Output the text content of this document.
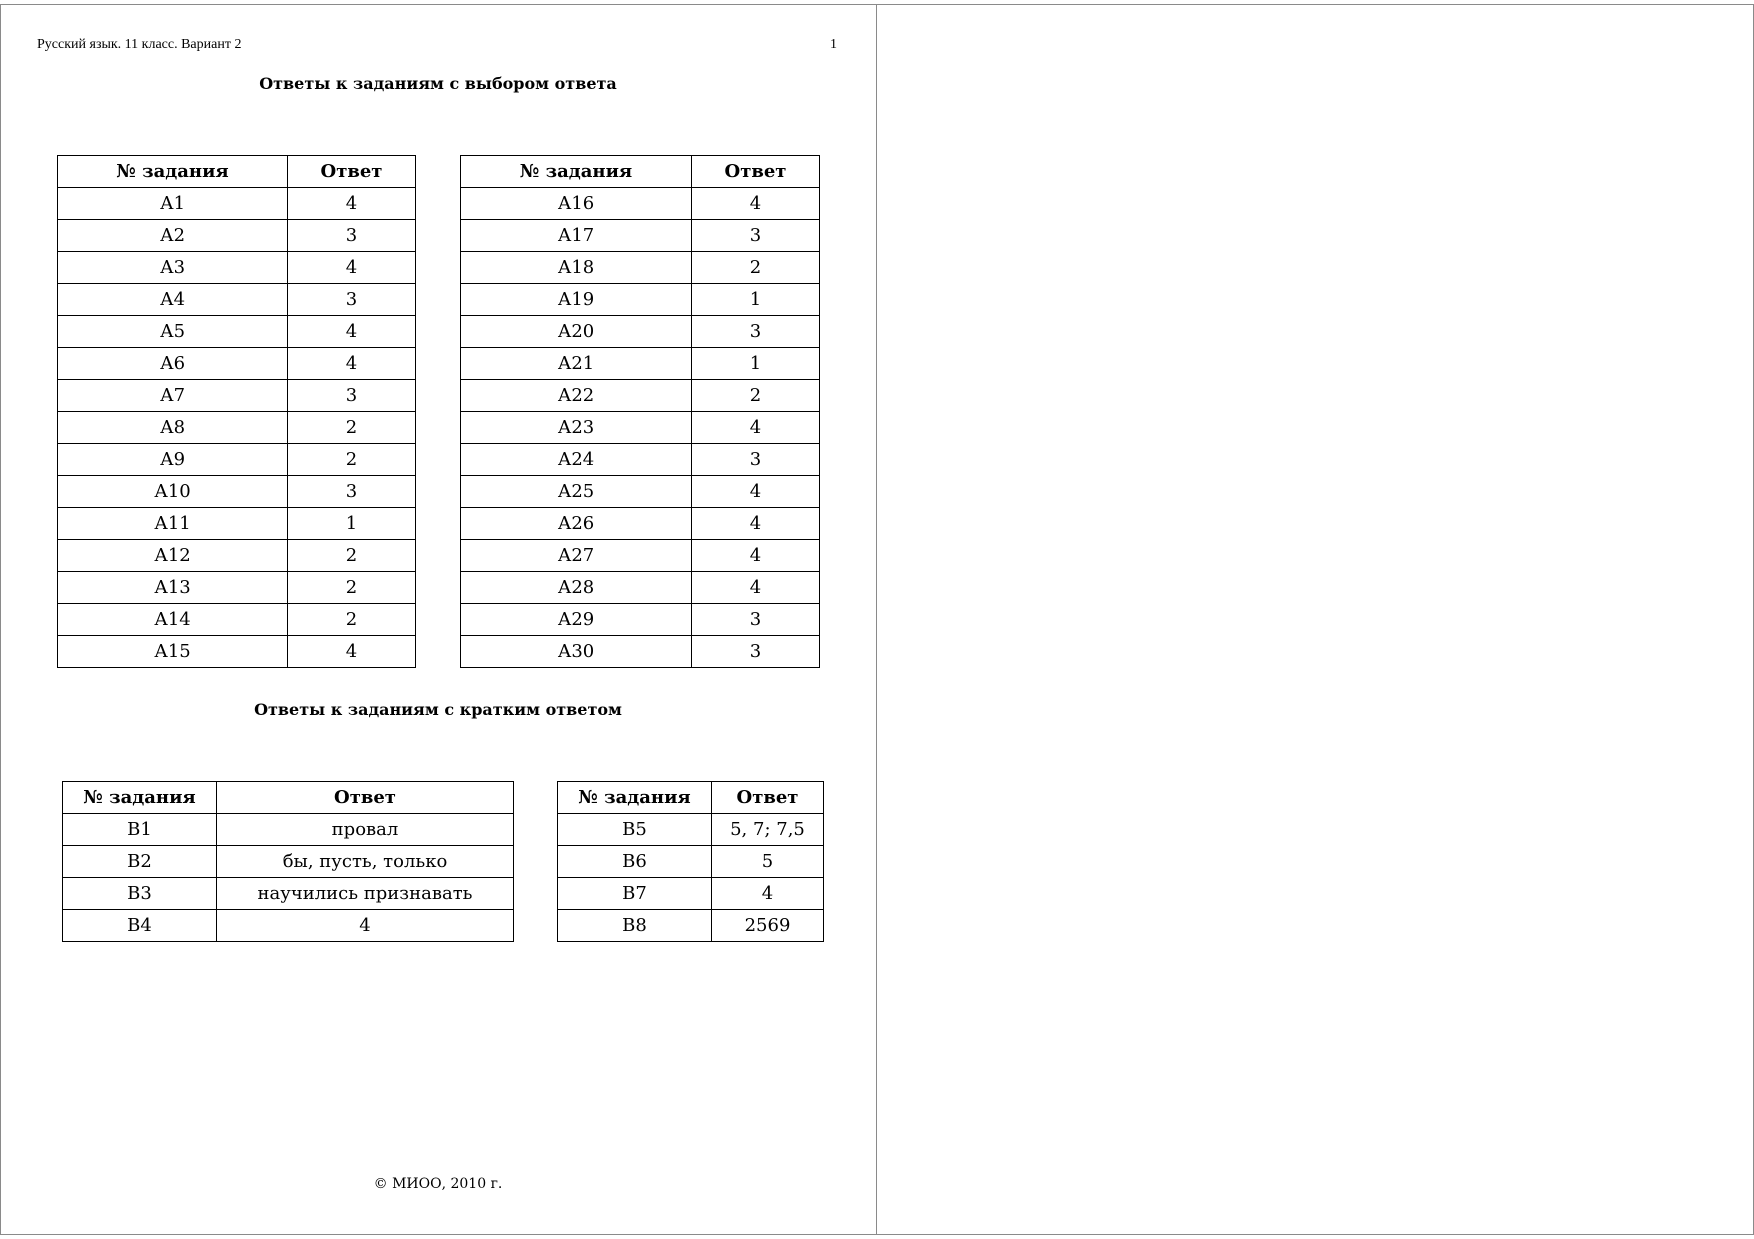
Русский язык. 11 класс. Вариант 2	1
Ответы к заданиям с выбором ответа
№ задания	Ответ
А1	4
А2	3
А3	4
А4	3
А5	4
А6	4
А7	3
А8	2
А9	2
А10	3
А11	1
А12	2
А13	2
А14	2
А15	4
№ задания	Ответ
А16	4
А17	3
А18	2
А19	1
А20	3
А21	1
А22	2
А23	4
А24	3
А25	4
А26	4
А27	4
А28	4
А29	3
А30	3
Ответы к заданиям с кратким ответом
№ задания	Ответ
В1	провал
В2	бы, пусть, только
В3	научились признавать
В4	4
№ задания	Ответ
В5	5, 7; 7,5
В6	5
В7	4
В8	2569
© МИОО, 2010 г.
